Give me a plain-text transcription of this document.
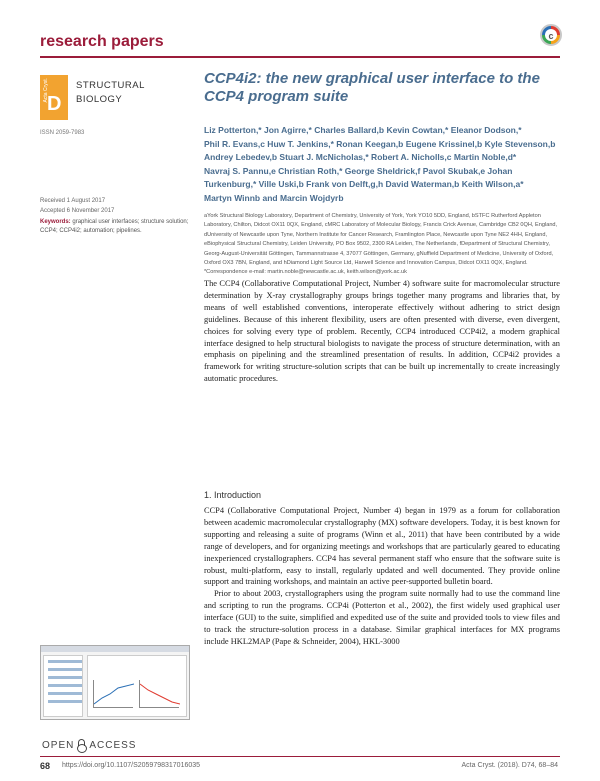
research papers	c
Acta Cryst.
D
STRUCTURAL
BIOLOGY
ISSN 2059-7983
CCP4i2: the new graphical user interface to the
CCP4 program suite
Liz Potterton,* Jon Agirre,* Charles Ballard,b Kevin Cowtan,* Eleanor Dodson,*
Phil R. Evans,c Huw T. Jenkins,* Ronan Keegan,b Eugene Krissinel,b Kyle Stevenson,b
Andrey Lebedev,b Stuart J. McNicholas,* Robert A. Nicholls,c Martin Noble,d*
Navraj S. Pannu,e Christian Roth,* George Sheldrick,f Pavol Skubak,e Johan
Turkenburg,* Ville Uski,b Frank von Delft,g,h David Waterman,b Keith Wilson,a*
Martyn Winnb and Marcin Wojdyrb
Received 1 August 2017
Accepted 6 November 2017
Keywords: graphical user interfaces; structure solution; CCP4; CCP4i2; automation; pipelines.
aYork Structural Biology Laboratory, Department of Chemistry, University of York, York YO10 5DD, England, bSTFC Rutherford Appleton Laboratory, Chilton, Didcot OX11 0QX, England, cMRC Laboratory of Molecular Biology, Francis Crick Avenue, Cambridge CB2 0QH, England, dUniversity of Newcastle upon Tyne, Northern Institute for Cancer Research, Framlington Place, Newcastle upon Tyne NE2 4HH, England, eBiophysical Structural Chemistry, Leiden University, PO Box 9502, 2300 RA Leiden, The Netherlands, fDepartment of Structural Chemistry, Georg-August-Universität Göttingen, Tammannstrasse 4, 37077 Göttingen, Germany, gNuffield Department of Medicine, University of Oxford, Oxford OX3 7BN, England, and hDiamond Light Source Ltd, Harwell Science and Innovation Campus, Didcot OX11 0QX, England. *Correspondence e-mail: martin.noble@newcastle.ac.uk, keith.wilson@york.ac.uk
The CCP4 (Collaborative Computational Project, Number 4) software suite for macromolecular structure determination by X-ray crystallography groups brings together many programs and libraries that, by means of well established conventions, interoperate effectively without adhering to strict design guidelines. Because of this inherent flexibility, users are often presented with diverse, even divergent, choices for solving every type of problem. Recently, CCP4 introduced CCP4i2, a modern graphical interface designed to help structural biologists to navigate the process of structure determination, with an emphasis on pipelining and the streamlined presentation of results. In addition, CCP4i2 provides a framework for writing structure-solution scripts that can be built up incrementally to create increasingly automatic procedures.
1. Introduction

CCP4 (Collaborative Computational Project, Number 4) began in 1979 as a forum for collaboration between academic macromolecular crystallography (MX) software developers. Today, it is best known for supporting and releasing a suite of programs (Winn et al., 2011) that have been contributed by a wide range of developers, and for organizing meetings and workshops that are particularly geared to educating inexperienced crystallographers. CCP4 has several permanent staff who ensure that the software suite is robust, multi-platform, easy to install, regularly updated and well documented. They provide online support and training workshops, and maintain an active peer-supported bulletin board.

Prior to about 2003, crystallographers using the program suite normally had to use the command line and scripting to run the programs. CCP4i (Potterton et al., 2002), the first widely used graphical user interface (GUI) to the suite, simplified and expedited use of the suite and provided tools to view files and to track the structure-solution process in a database. Similar graphical interfaces for MX programs include HKL2MAP (Pape & Schneider, 2004), HKL-3000

OPEN ACCESS
68 https://doi.org/10.1107/S2059798317016035	Acta Cryst. (2018). D74, 68–84
